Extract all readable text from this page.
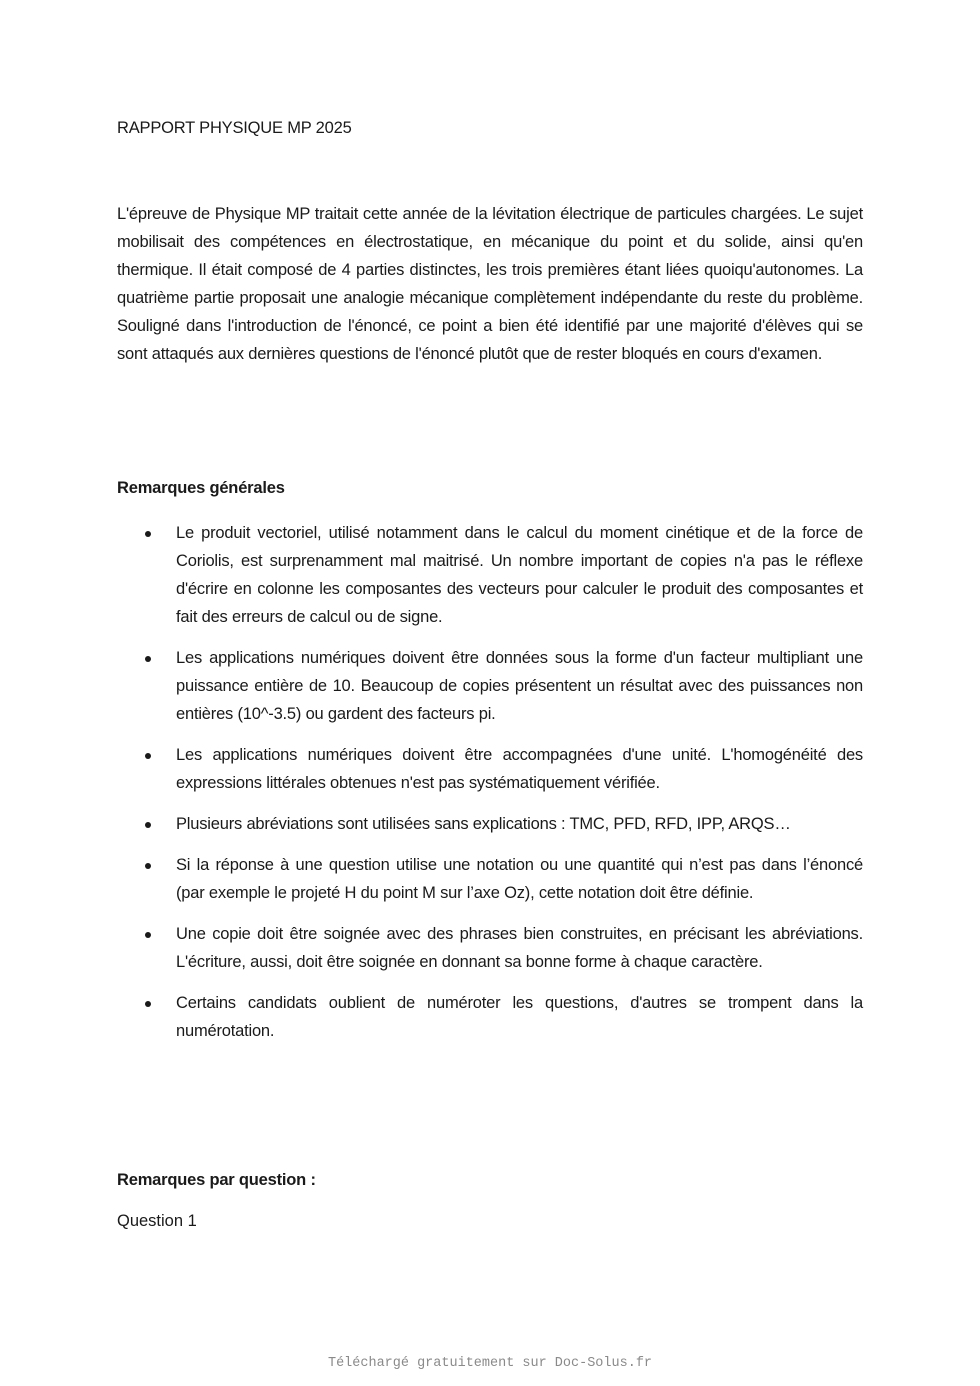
RAPPORT PHYSIQUE MP 2025

L'épreuve de Physique MP traitait cette année de la lévitation électrique de particules chargées. Le sujet mobilisait des compétences en électrostatique, en mécanique du point et du solide, ainsi qu'en thermique. Il était composé de 4 parties distinctes, les trois premières étant liées quoiqu'autonomes. La quatrième partie proposait une analogie mécanique complètement indépendante du reste du problème. Souligné dans l'introduction de l'énoncé, ce point a bien été identifié par une majorité d'élèves qui se sont attaqués aux dernières questions de l'énoncé plutôt que de rester bloqués en cours d'examen.

Remarques générales
Le produit vectoriel, utilisé notamment dans le calcul du moment cinétique et de la force de Coriolis, est surprenamment mal maitrisé. Un nombre important de copies n'a pas le réflexe d'écrire en colonne les composantes des vecteurs pour calculer le produit des composantes et fait des erreurs de calcul ou de signe.
Les applications numériques doivent être données sous la forme d'un facteur multipliant une puissance entière de 10. Beaucoup de copies présentent un résultat avec des puissances non entières (10^-3.5) ou gardent des facteurs pi.
Les applications numériques doivent être accompagnées d'une unité. L'homogénéité des expressions littérales obtenues n'est pas systématiquement vérifiée.
Plusieurs abréviations sont utilisées sans explications : TMC, PFD, RFD, IPP, ARQS…
Si la réponse à une question utilise une notation ou une quantité qui n’est pas dans l’énoncé (par exemple le projeté H du point M sur l’axe Oz), cette notation doit être définie.
Une copie doit être soignée avec des phrases bien construites, en précisant les abréviations. L'écriture, aussi, doit être soignée en donnant sa bonne forme à chaque caractère.
Certains candidats oublient de numéroter les questions, d'autres se trompent dans la numérotation.
Remarques par question :

Question 1

Téléchargé gratuitement sur Doc-Solus.fr
